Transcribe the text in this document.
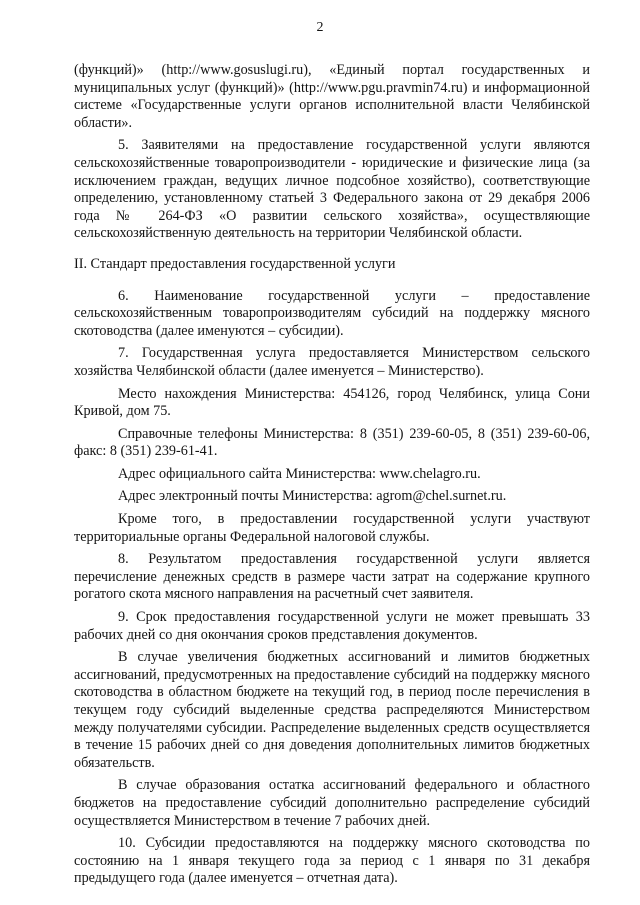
2

(функций)» (http://www.gosuslugi.ru), «Единый портал государственных и муниципальных услуг (функций)» (http://www.pgu.pravmin74.ru) и информационной системе «Государственные услуги органов исполнительной власти Челябинской области».

5. Заявителями на предоставление государственной услуги являются сельскохозяйственные товаропроизводители - юридические и физические лица (за исключением граждан, ведущих личное подсобное хозяйство), соответствующие определению, установленному статьей 3 Федерального закона от 29 декабря 2006 года № 264-ФЗ «О развитии сельского хозяйства», осуществляющие сельскохозяйственную деятельность на территории Челябинской области.

II. Стандарт предоставления государственной услуги

6. Наименование государственной услуги – предоставление сельскохозяйственным товаропроизводителям субсидий на поддержку мясного скотоводства (далее именуются – субсидии).

7. Государственная услуга предоставляется Министерством сельского хозяйства Челябинской области (далее именуется – Министерство).

Место нахождения Министерства: 454126, город Челябинск, улица Сони Кривой, дом 75.

Справочные телефоны Министерства: 8 (351) 239-60-05, 8 (351) 239-60-06, факс: 8 (351) 239-61-41.

Адрес официального сайта Министерства: www.chelagro.ru.

Адрес электронный почты Министерства: agrom@chel.surnet.ru.

Кроме того, в предоставлении государственной услуги участвуют территориальные органы Федеральной налоговой службы.

8. Результатом предоставления государственной услуги является перечисление денежных средств в размере части затрат на содержание крупного рогатого скота мясного направления на расчетный счет заявителя.

9. Срок предоставления государственной услуги не может превышать 33 рабочих дней со дня окончания сроков представления документов.

В случае увеличения бюджетных ассигнований и лимитов бюджетных ассигнований, предусмотренных на предоставление субсидий на поддержку мясного скотоводства в областном бюджете на текущий год, в период после перечисления в текущем году субсидий выделенные средства распределяются Министерством между получателями субсидии. Распределение выделенных средств осуществляется в течение 15 рабочих дней со дня доведения дополнительных лимитов бюджетных обязательств.

В случае образования остатка ассигнований федерального и областного бюджетов на предоставление субсидий дополнительно распределение субсидий осуществляется Министерством в течение 7 рабочих дней.

10. Субсидии предоставляются на поддержку мясного скотоводства по состоянию на 1 января текущего года за период с 1 января по 31 декабря предыдущего года (далее именуется – отчетная дата).
